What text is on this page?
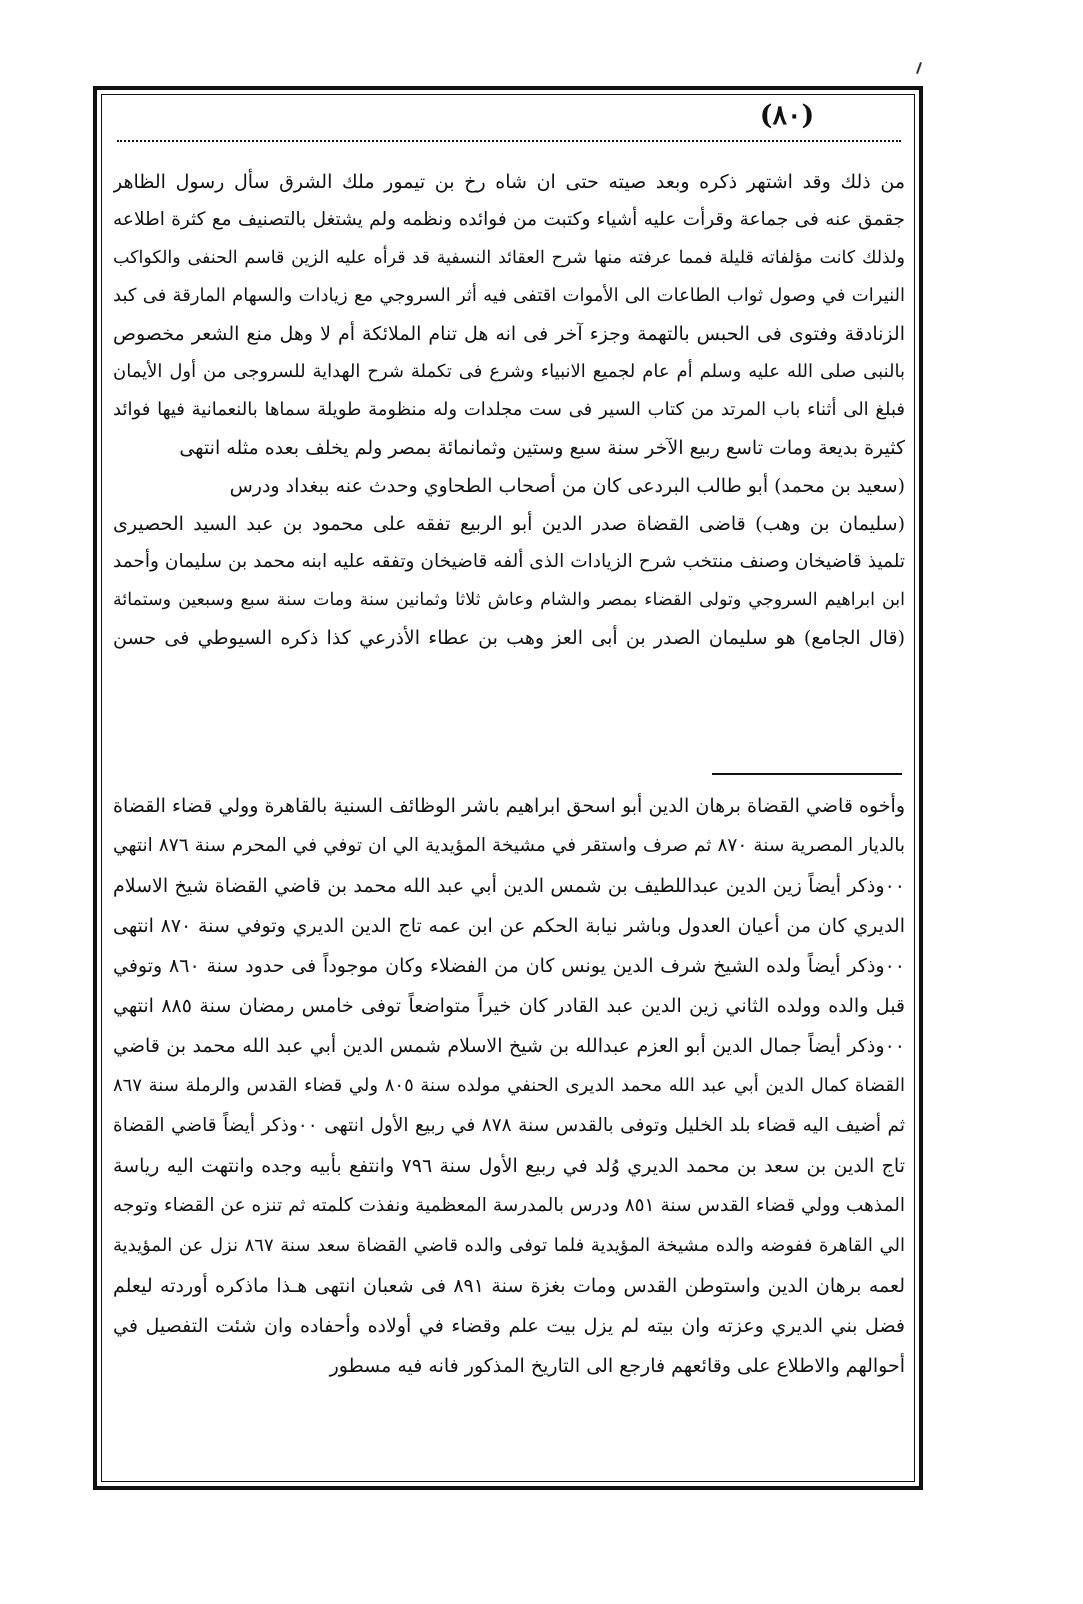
(٨٠)
من ذلك وقد اشتهر ذكره وبعد صيته حتى ان شاه رخ بن تيمور ملك الشرق سأل رسول الظاهر
جقمق عنه فى جماعة وقرأت عليه أشياء وكتبت من فوائده ونظمه ولم يشتغل بالتصنيف مع كثرة اطلاعه
ولذلك كانت مؤلفاته قليلة فمما عرفته منها شرح العقائد النسفية قد قرأه عليه الزين قاسم الحنفى والكواكب
النيرات في وصول ثواب الطاعات الى الأموات اقتفى فيه أثر السروجي مع زيادات والسهام المارقة فى كبد
الزنادقة وفتوى فى الحبس بالتهمة وجزء آخر فى انه هل تنام الملائكة أم لا وهل منع الشعر مخصوص
بالنبى صلى الله عليه وسلم أم عام لجميع الانبياء وشرع فى تكملة شرح الهداية للسروجى من أول الأيمان
فبلغ الى أثناء باب المرتد من كتاب السير فى ست مجلدات وله منظومة طويلة سماها بالنعمانية فيها فوائد
كثيرة بديعة ومات تاسع ربيع الآخر سنة سبع وستين وثمانمائة بمصر ولم يخلف بعده مثله انتهى
(سعيد بن محمد) أبو طالب البردعى كان من أصحاب الطحاوي وحدث عنه ببغداد ودرس
(سليمان بن وهب) قاضى القضاة صدر الدين أبو الربيع تفقه على محمود بن عبد السيد الحصيرى
تلميذ قاضيخان وصنف منتخب شرح الزيادات الذى ألفه قاضيخان وتفقه عليه ابنه محمد بن سليمان وأحمد
ابن ابراهيم السروجي وتولى القضاء بمصر والشام وعاش ثلاثا وثمانين سنة ومات سنة سبع وسبعين وستمائة
(قال الجامع) هو سليمان الصدر بن أبى العز وهب بن عطاء الأذرعي كذا ذكره السيوطي فى حسن
وأخوه قاضي القضاة برهان الدين أبو اسحق ابراهيم باشر الوظائف السنية بالقاهرة وولي قضاء القضاة
بالديار المصرية سنة ٨٧٠ ثم صرف واستقر في مشيخة المؤيدية الي ان توفي في المحرم سنة ٨٧٦ انتهي
٠٠وذكر أيضاً زين الدين عبداللطيف بن شمس الدين أبي عبد الله محمد بن قاضي القضاة شيخ الاسلام
الديري كان من أعيان العدول وباشر نيابة الحكم عن ابن عمه تاج الدين الديري وتوفي سنة ٨٧٠ انتهى
٠٠وذكر أيضاً ولده الشيخ شرف الدين يونس كان من الفضلاء وكان موجوداً فى حدود سنة ٨٦٠ وتوفي
قبل والده وولده الثاني زين الدين عبد القادر كان خيراً متواضعاً توفى خامس رمضان سنة ٨٨٥ انتهي
٠٠وذكر أيضاً جمال الدين أبو العزم عبدالله بن شيخ الاسلام شمس الدين أبي عبد الله محمد بن قاضي
القضاة كمال الدين أبي عبد الله محمد الديرى الحنفي مولده سنة ٨٠٥ ولي قضاء القدس والرملة سنة ٨٦٧
ثم أضيف اليه قضاء بلد الخليل وتوفى بالقدس سنة ٨٧٨ في ربيع الأول انتهى ٠٠وذكر أيضاً قاضي القضاة
تاج الدين بن سعد بن محمد الديري وُلد في ربيع الأول سنة ٧٩٦ وانتفع بأبيه وجده وانتهت اليه رياسة
المذهب وولي قضاء القدس سنة ٨٥١ ودرس بالمدرسة المعظمية ونفذت كلمته ثم تنزه عن القضاء وتوجه
الي القاهرة ففوضه والده مشيخة المؤيدية فلما توفى والده قاضي القضاة سعد سنة ٨٦٧ نزل عن المؤيدية
لعمه برهان الدين واستوطن القدس ومات بغزة سنة ٨٩١ فى شعبان انتهى هـذا ماذكره أوردته ليعلم
فضل بني الديري وعزته وان بيته لم يزل بيت علم وقضاء في أولاده وأحفاده وان شئت التفصيل في
أحوالهم والاطلاع على وقائعهم فارجع الى التاريخ المذكور فانه فيه مسطور
